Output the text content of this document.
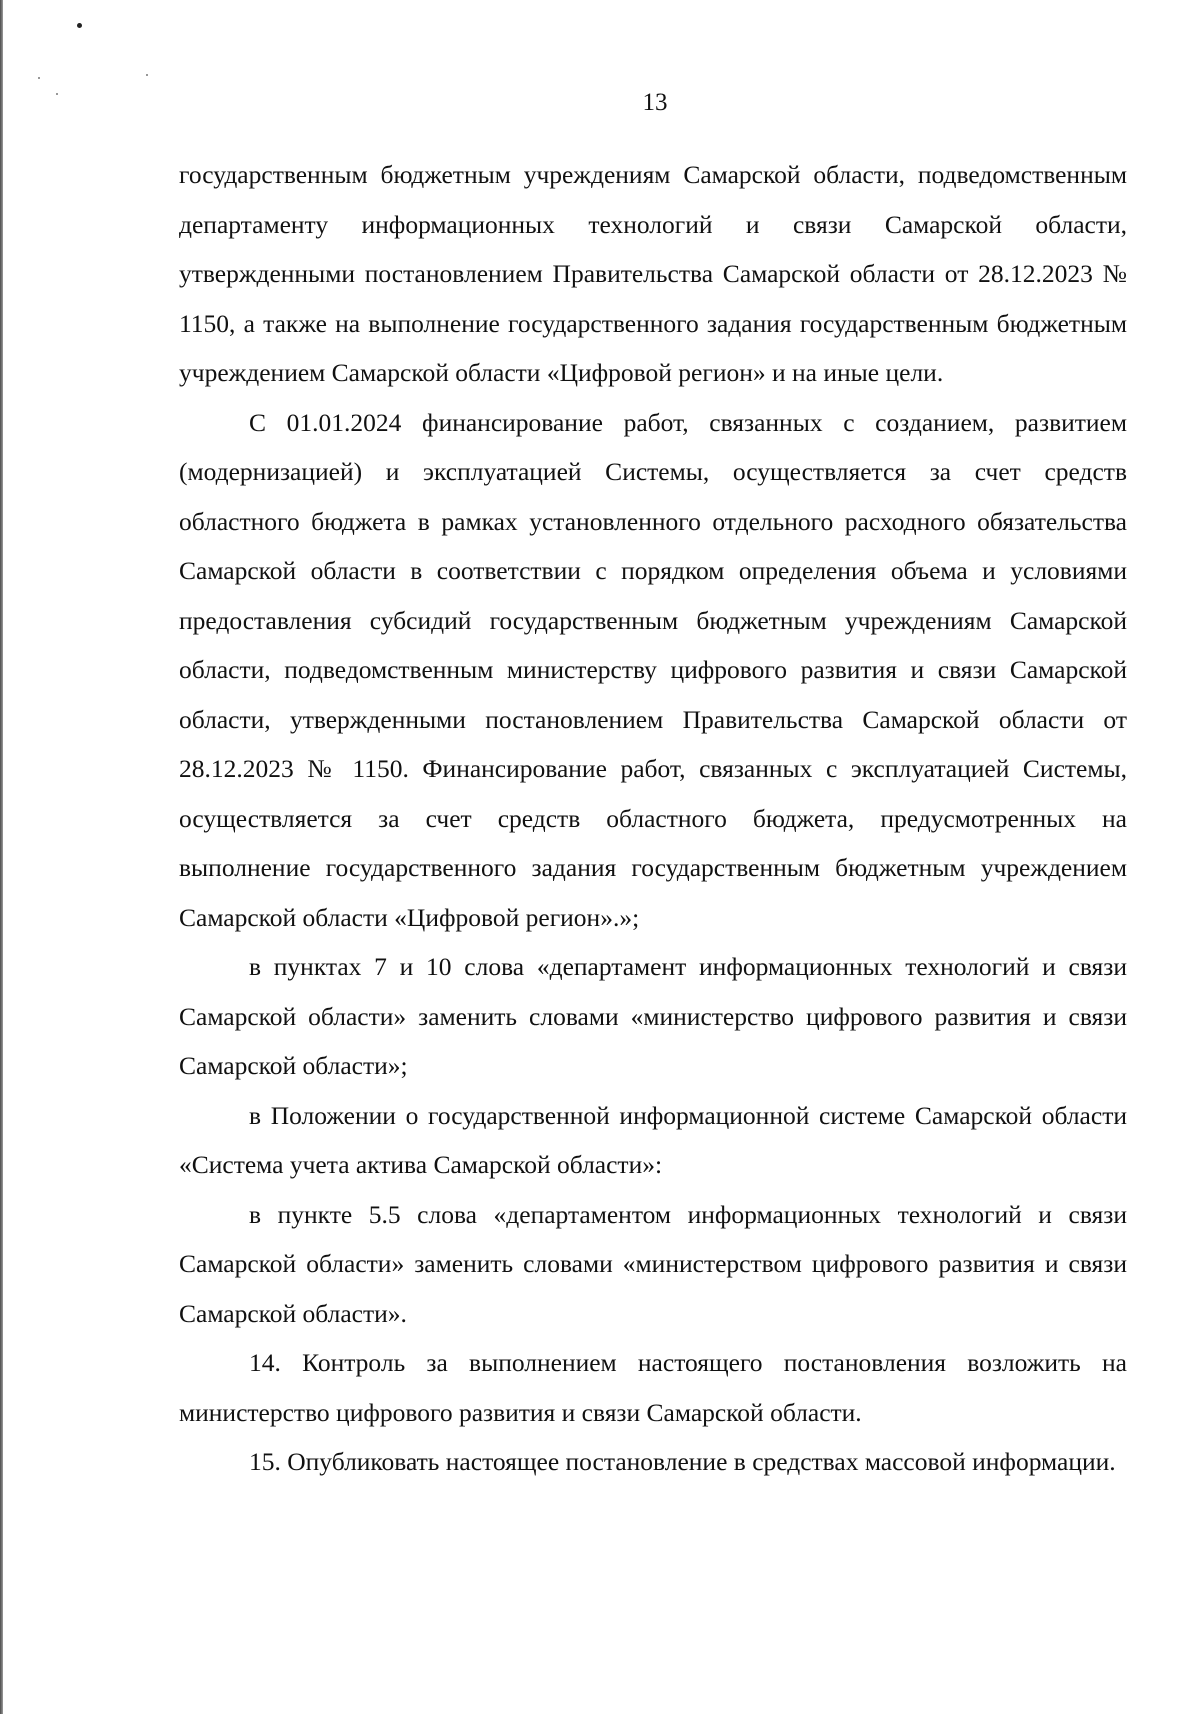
13

государственным бюджетным учреждениям Самарской области, подведомственным департаменту информационных технологий и связи Самарской области, утвержденными постановлением Правительства Самарской области от 28.12.2023 № 1150, а также на выполнение государственного задания государственным бюджетным учреждением Самарской области «Цифровой регион» и на иные цели.

С 01.01.2024 финансирование работ, связанных с созданием, развитием (модернизацией) и эксплуатацией Системы, осуществляется за счет средств областного бюджета в рамках установленного отдельного расходного обязательства Самарской области в соответствии с порядком определения объема и условиями предоставления субсидий государственным бюджетным учреждениям Самарской области, подведомственным министерству цифрового развития и связи Самарской области, утвержденными постановлением Правительства Самарской области от 28.12.2023 № 1150. Финансирование работ, связанных с эксплуатацией Системы, осуществляется за счет средств областного бюджета, предусмотренных на выполнение государственного задания государственным бюджетным учреждением Самарской области «Цифровой регион».»;

в пунктах 7 и 10 слова «департамент информационных технологий и связи Самарской области» заменить словами «министерство цифрового развития и связи Самарской области»;

в Положении о государственной информационной системе Самарской области «Система учета актива Самарской области»:

в пункте 5.5 слова «департаментом информационных технологий и связи Самарской области» заменить словами «министерством цифрового развития и связи Самарской области».

14. Контроль за выполнением настоящего постановления возложить на министерство цифрового развития и связи Самарской области.

15. Опубликовать настоящее постановление в средствах массовой информации.
